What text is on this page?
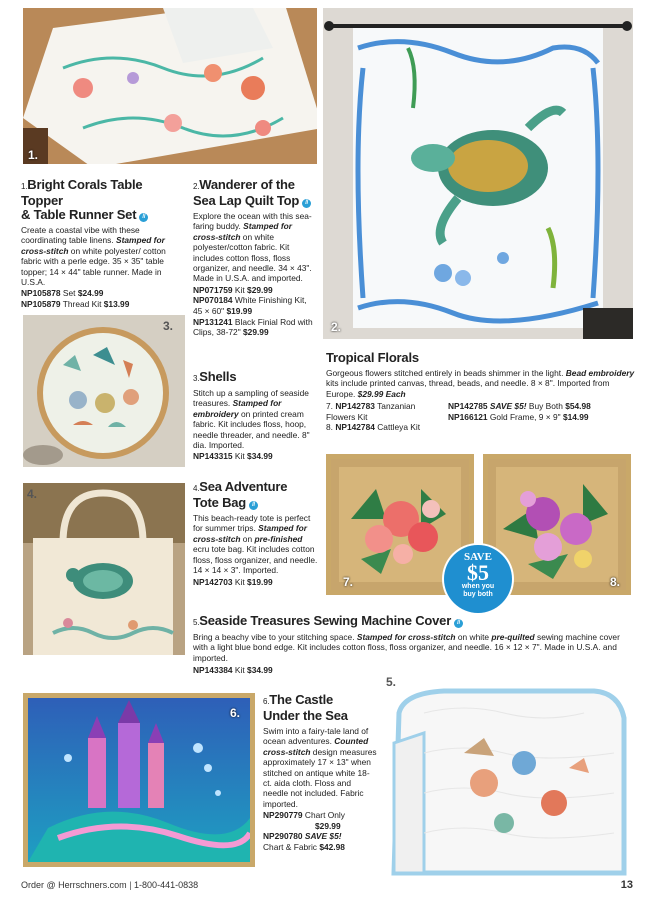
1.
2.
1.Bright Corals Table Topper
& Table Runner Set //
Create a coastal vibe with these coordinating table linens. Stamped for cross-stitch on white polyester/ cotton fabric with a perle edge. 35 × 35" table topper; 14 × 44" table runner. Made in U.S.A.
NP105878 Set $24.99
NP105879 Thread Kit $13.99
2.Wanderer of the
Sea Lap Quilt Top //
Explore the ocean with this sea-faring buddy. Stamped for cross-stitch on white polyester/cotton fabric. Kit includes cotton floss, floss organizer, and needle. 34 × 43". Made in U.S.A. and imported.
NP071759 Kit $29.99
NP070184 White Finishing Kit, 45 × 60" $19.99
NP131241 Black Finial Rod with Clips, 38-72" $29.99
3.
3.Shells
Stitch up a sampling of seaside treasures. Stamped for embroidery on printed cream fabric. Kit includes floss, hoop, needle threader, and needle. 8" dia. Imported.
NP143315 Kit $34.99
Tropical Florals
Gorgeous flowers stitched entirely in beads shimmer in the light. Bead embroidery kits include printed canvas, thread, beads, and needle. 8 × 8". Imported from Europe. $29.99 Each
7. NP142783 Tanzanian Flowers Kit
8. NP142784 Cattleya Kit
NP142785 SAVE $5! Buy Both $54.98
NP166121 Gold Frame, 9 × 9" $14.99
4.	4.Sea Adventure
Tote Bag //
This beach-ready tote is perfect for summer trips. Stamped for cross-stitch on pre-finished ecru tote bag. Kit includes cotton floss, floss organizer, and needle. 14 × 14 × 3". Imported.
NP142703 Kit $19.99	7.	8.
SAVE
$5
when you
buy both
5.Seaside Treasures Sewing Machine Cover //
Bring a beachy vibe to your stitching space. Stamped for cross-stitch on white pre-quilted sewing machine cover with a light blue bond edge. Kit includes cotton floss, floss organizer, and needle. 16 × 12 × 7". Made in U.S.A. and imported.
NP143384 Kit $34.99
6.
6.The Castle
Under the Sea
Swim into a fairy-tale land of ocean adventures. Counted cross-stitch design measures approximately 17 × 13" when stitched on antique white 18-ct. aida cloth. Floss and needle not included. Fabric imported.
NP290779 Chart Only
$29.99
NP290780 SAVE $5!
Chart & Fabric $42.98
5.
Order @ Herrschners.com | 1-800-441-0838	13
